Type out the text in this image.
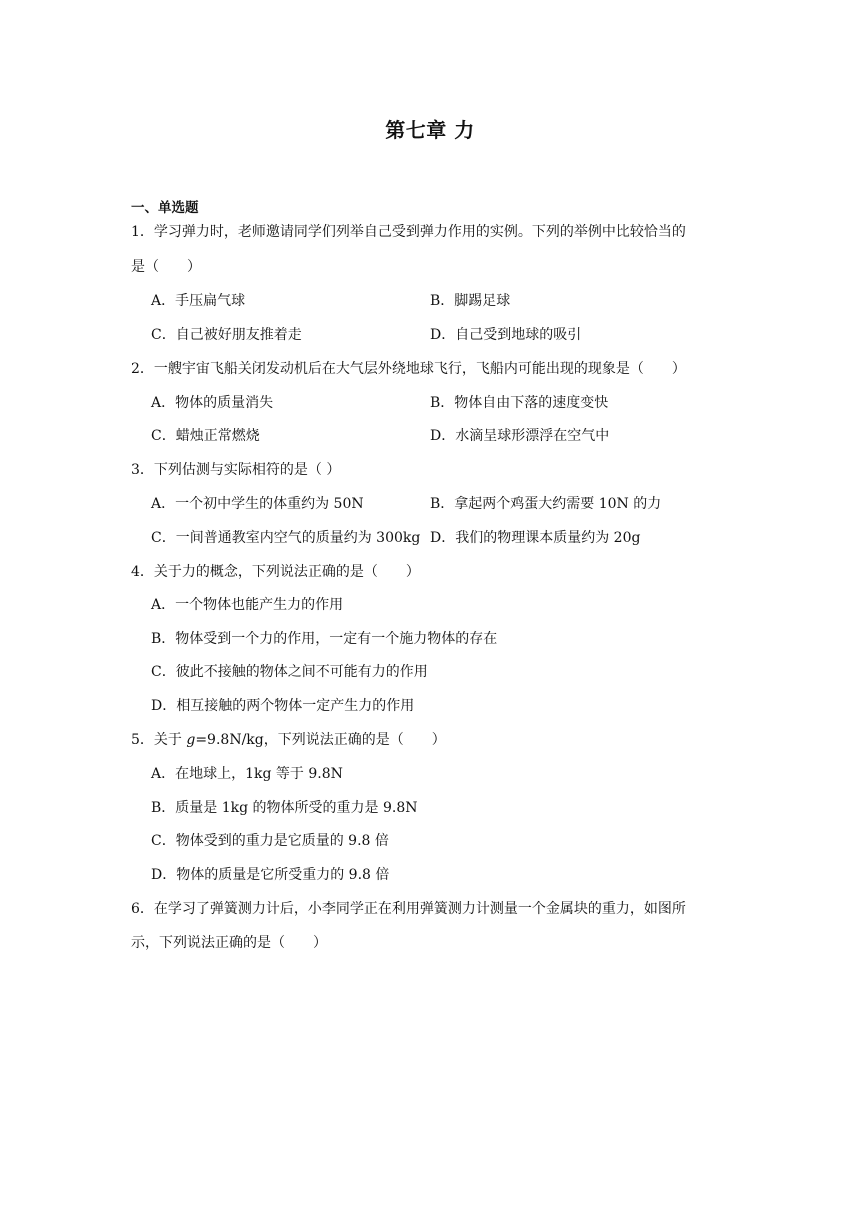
第七章 力
一、单选题
1．学习弹力时，老师邀请同学们列举自己受到弹力作用的实例。下列的举例中比较恰当的
是（　　）
A．手压扁气球	B．脚踢足球
C．自己被好朋友推着走	D．自己受到地球的吸引
2．一艘宇宙飞船关闭发动机后在大气层外绕地球飞行，飞船内可能出现的现象是（　　）
A．物体的质量消失	B．物体自由下落的速度变快
C．蜡烛正常燃烧	D．水滴呈球形漂浮在空气中
3．下列估测与实际相符的是（ ）
A．一个初中学生的体重约为 50N	B．拿起两个鸡蛋大约需要 10N 的力
C．一间普通教室内空气的质量约为 300kg D．我们的物理课本质量约为 20g
4．关于力的概念，下列说法正确的是（　　）
A．一个物体也能产生力的作用
B．物体受到一个力的作用，一定有一个施力物体的存在
C．彼此不接触的物体之间不可能有力的作用
D．相互接触的两个物体一定产生力的作用
5．关于 g=9.8N/kg，下列说法正确的是（　　）
A．在地球上，1kg 等于 9.8N
B．质量是 1kg 的物体所受的重力是 9.8N
C．物体受到的重力是它质量的 9.8 倍
D．物体的质量是它所受重力的 9.8 倍
6．在学习了弹簧测力计后，小李同学正在利用弹簧测力计测量一个金属块的重力，如图所
示，下列说法正确的是（　　）
